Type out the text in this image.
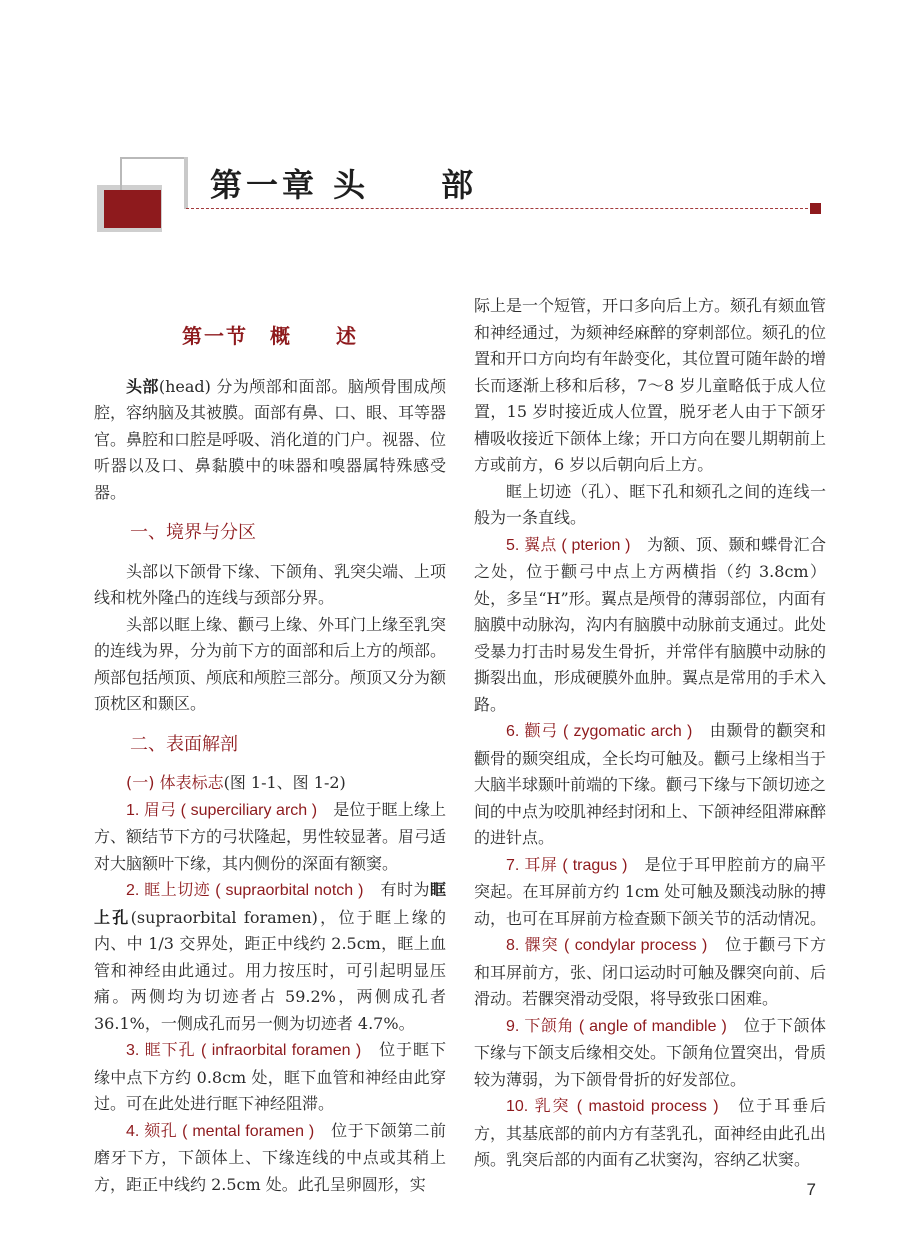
第一章 头　　部

第一节　概　　述

头部(head) 分为颅部和面部。脑颅骨围成颅腔，容纳脑及其被膜。面部有鼻、口、眼、耳等器官。鼻腔和口腔是呼吸、消化道的门户。视器、位听器以及口、鼻黏膜中的味器和嗅器属特殊感受器。

一、境界与分区

头部以下颌骨下缘、下颌角、乳突尖端、上项线和枕外隆凸的连线与颈部分界。

头部以眶上缘、颧弓上缘、外耳门上缘至乳突的连线为界，分为前下方的面部和后上方的颅部。颅部包括颅顶、颅底和颅腔三部分。颅顶又分为额顶枕区和颞区。

二、表面解剖

(一) 体表标志(图 1-1、图 1-2)

1. 眉弓 ( superciliary arch )　 是位于眶上缘上方、额结节下方的弓状隆起，男性较显著。眉弓适对大脑额叶下缘，其内侧份的深面有额窦。

2. 眶上切迹 ( supraorbital notch )　 有时为眶上孔(supraorbital foramen)，位于眶上缘的内、中 1/3 交界处，距正中线约 2.5cm，眶上血管和神经由此通过。用力按压时，可引起明显压痛。两侧均为切迹者占 59.2%，两侧成孔者 36.1%，一侧成孔而另一侧为切迹者 4.7%。

3. 眶下孔 ( infraorbital foramen )　 位于眶下缘中点下方约 0.8cm 处，眶下血管和神经由此穿过。可在此处进行眶下神经阻滞。

4. 颏孔 ( mental foramen )　 位于下颌第二前磨牙下方，下颌体上、下缘连线的中点或其稍上方，距正中线约 2.5cm 处。此孔呈卵圆形，实

际上是一个短管，开口多向后上方。颏孔有颏血管和神经通过，为颏神经麻醉的穿刺部位。颏孔的位置和开口方向均有年龄变化，其位置可随年龄的增长而逐渐上移和后移，7～8 岁儿童略低于成人位置，15 岁时接近成人位置，脱牙老人由于下颌牙槽吸收接近下颌体上缘；开口方向在婴儿期朝前上方或前方，6 岁以后朝向后上方。

眶上切迹（孔）、眶下孔和颏孔之间的连线一般为一条直线。

5. 翼点 ( pterion )　 为额、顶、颞和蝶骨汇合之处，位于颧弓中点上方两横指（约 3.8cm）处，多呈“H”形。翼点是颅骨的薄弱部位，内面有脑膜中动脉沟，沟内有脑膜中动脉前支通过。此处受暴力打击时易发生骨折，并常伴有脑膜中动脉的撕裂出血，形成硬膜外血肿。翼点是常用的手术入路。

6. 颧弓 ( zygomatic arch )　 由颞骨的颧突和颧骨的颞突组成，全长均可触及。颧弓上缘相当于大脑半球颞叶前端的下缘。颧弓下缘与下颌切迹之间的中点为咬肌神经封闭和上、下颌神经阻滞麻醉的进针点。

7. 耳屏 ( tragus )　 是位于耳甲腔前方的扁平突起。在耳屏前方约 1cm 处可触及颞浅动脉的搏动，也可在耳屏前方检查颞下颌关节的活动情况。

8. 髁突 ( condylar process )　 位于颧弓下方和耳屏前方，张、闭口运动时可触及髁突向前、后滑动。若髁突滑动受限，将导致张口困难。

9. 下颌角 ( angle of mandible )　 位于下颌体下缘与下颌支后缘相交处。下颌角位置突出，骨质较为薄弱，为下颌骨骨折的好发部位。

10. 乳突 ( mastoid process )　 位于耳垂后方，其基底部的前内方有茎乳孔，面神经由此孔出颅。乳突后部的内面有乙状窦沟，容纳乙状窦。

7
